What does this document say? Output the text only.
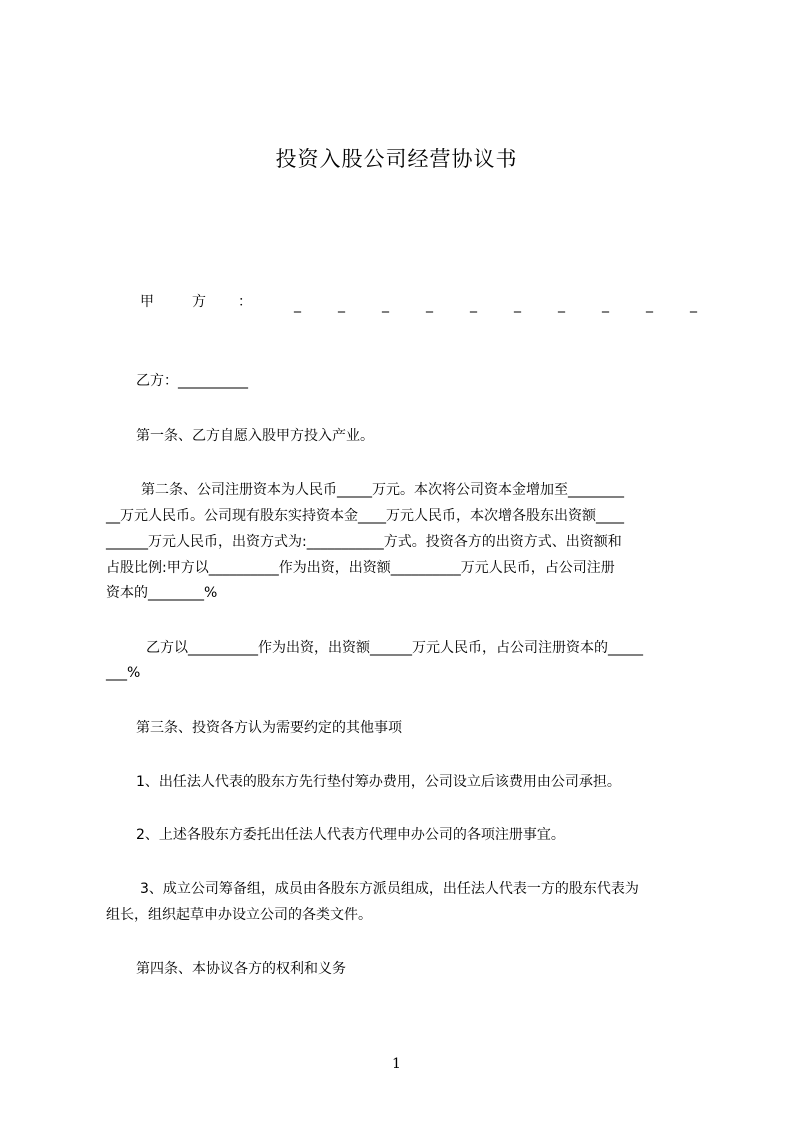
投资入股公司经营协议书
甲	方 ：	_	_	_	_	_	_	_	_	_	_
乙方：__________
第一条、乙方自愿入股甲方投入产业。
第二条、公司注册资本为人民币_____万元。本次将公司资本金增加至________
__万元人民币。公司现有股东实持资本金____万元人民币，本次增各股东出资额____
______万元人民币，出资方式为:___________方式。投资各方的出资方式、出资额和
占股比例:甲方以__________作为出资，出资额__________万元人民币，占公司注册
资本的________%
乙方以__________作为出资，出资额______万元人民币，占公司注册资本的_____
___%
第三条、投资各方认为需要约定的其他事项
1、出任法人代表的股东方先行垫付筹办费用，公司设立后该费用由公司承担。
2、上述各股东方委托出任法人代表方代理申办公司的各项注册事宜。
3、成立公司筹备组，成员由各股东方派员组成，出任法人代表一方的股东代表为
组长，组织起草申办设立公司的各类文件。
第四条、本协议各方的权利和义务
1
